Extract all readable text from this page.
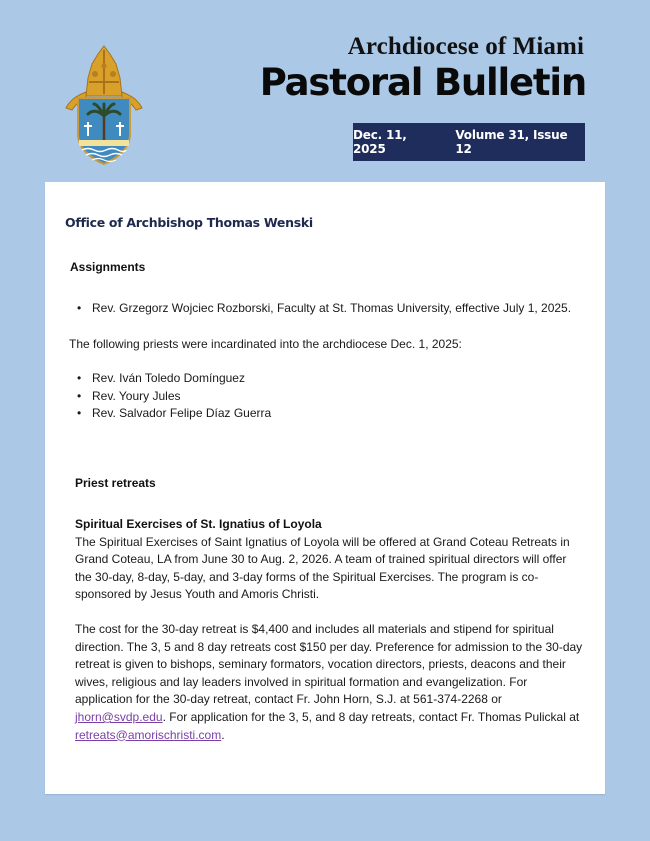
Archdiocese of Miami
Pastoral Bulletin
Dec. 11, 2025
Volume 31, Issue 12
Office of Archbishop Thomas Wenski
Assignments
• Rev. Grzegorz Wojciec Rozborski, Faculty at St. Thomas University, effective July 1, 2025.
The following priests were incardinated into the archdiocese Dec. 1, 2025:
• Rev. Iván Toledo Domínguez
• Rev. Youry Jules
• Rev. Salvador Felipe Díaz Guerra
Priest retreats
Spiritual Exercises of St. Ignatius of Loyola
The Spiritual Exercises of Saint Ignatius of Loyola will be offered at Grand Coteau Retreats in Grand Coteau, LA from June 30 to Aug. 2, 2026. A team of trained spiritual directors will offer the 30-day, 8-day, 5-day, and 3-day forms of the Spiritual Exercises. The program is co-sponsored by Jesus Youth and Amoris Christi.
The cost for the 30-day retreat is $4,400 and includes all materials and stipend for spiritual direction. The 3, 5 and 8 day retreats cost $150 per day. Preference for admission to the 30-day retreat is given to bishops, seminary formators, vocation directors, priests, deacons and their wives, religious and lay leaders involved in spiritual formation and evangelization. For application for the 30-day retreat, contact Fr. John Horn, S.J. at 561-374-2268 or jhorn@svdp.edu. For application for the 3, 5, and 8 day retreats, contact Fr. Thomas Pulickal at retreats@amorischristi.com.
